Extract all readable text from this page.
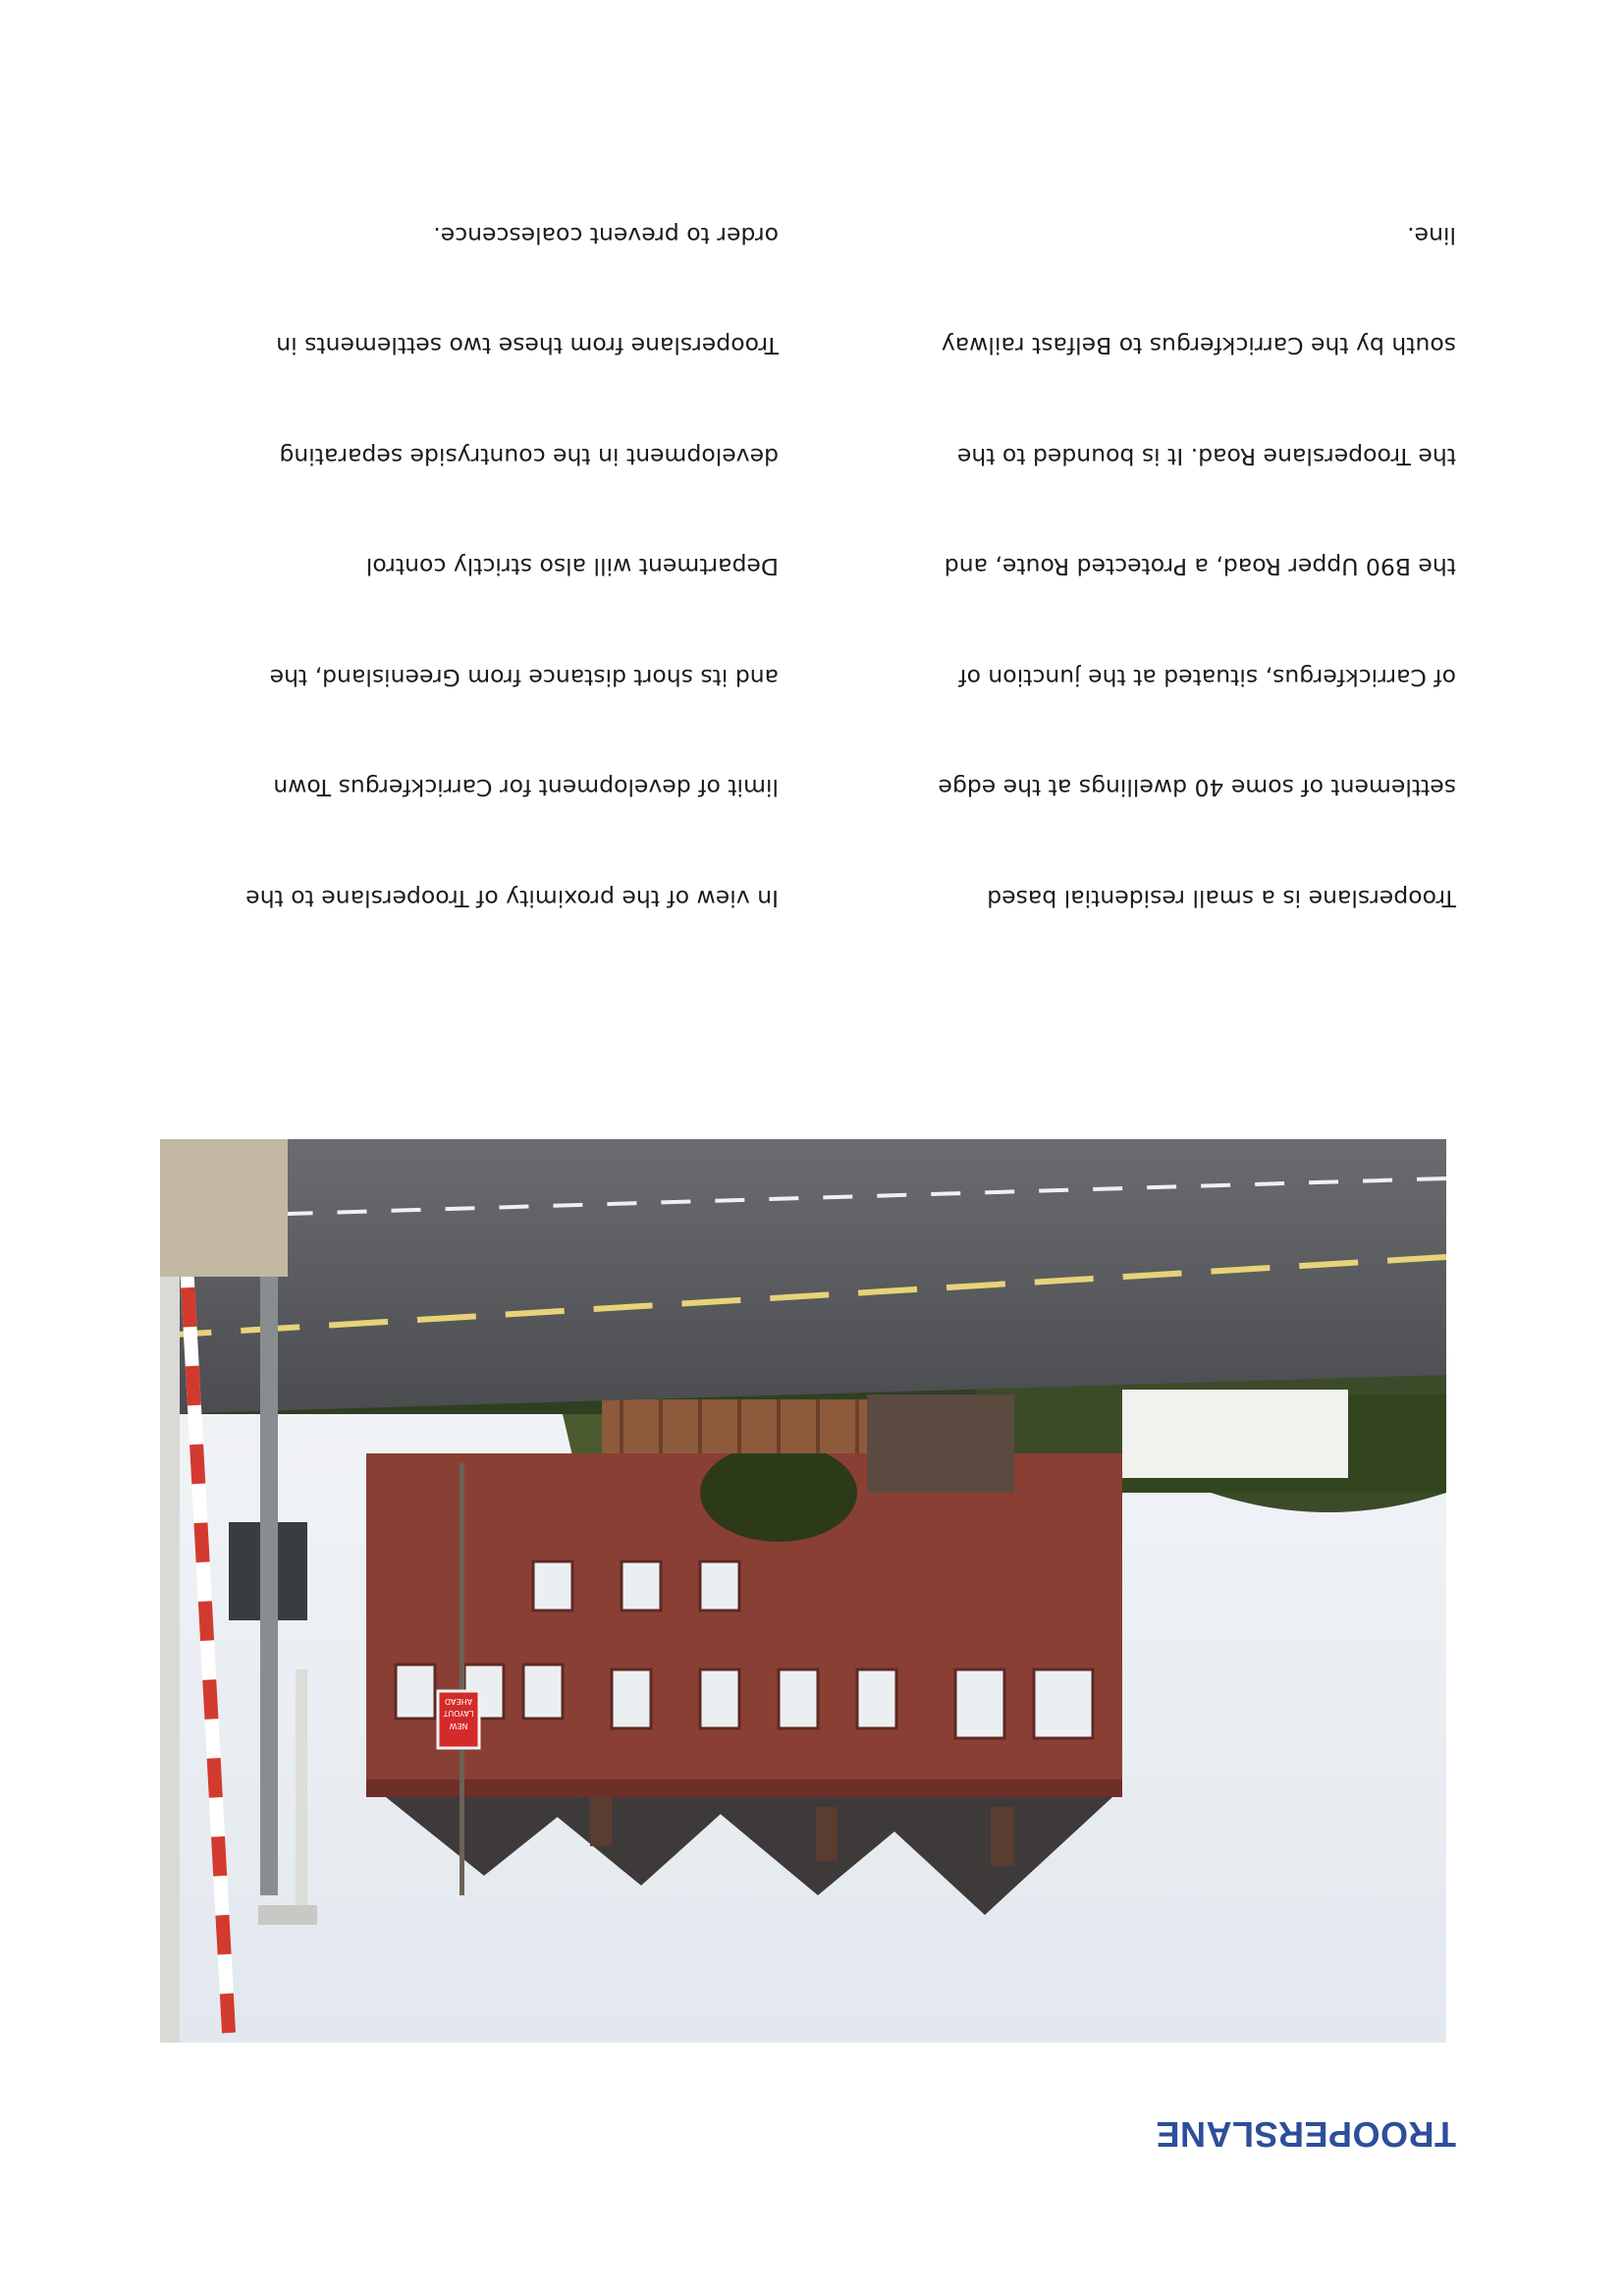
TROOPERSLANE
NEW
LAYOUT
AHEAD

Trooperslane is a small residential based

settlement of some 40 dwellings at the edge

of Carrickfergus, situated at the junction of

the B90 Upper Road, a Protected Route, and

the Trooperslane Road. It is bounded to the

south by the Carrickfergus to Belfast railway

line.

In view of the proximity of Trooperslane to the

limit of development for Carrickfergus Town

and its short distance from Greenisland, the

Department will also strictly control

development in the countryside separating

Trooperslane from these two settlements in

order to prevent coalescence.
